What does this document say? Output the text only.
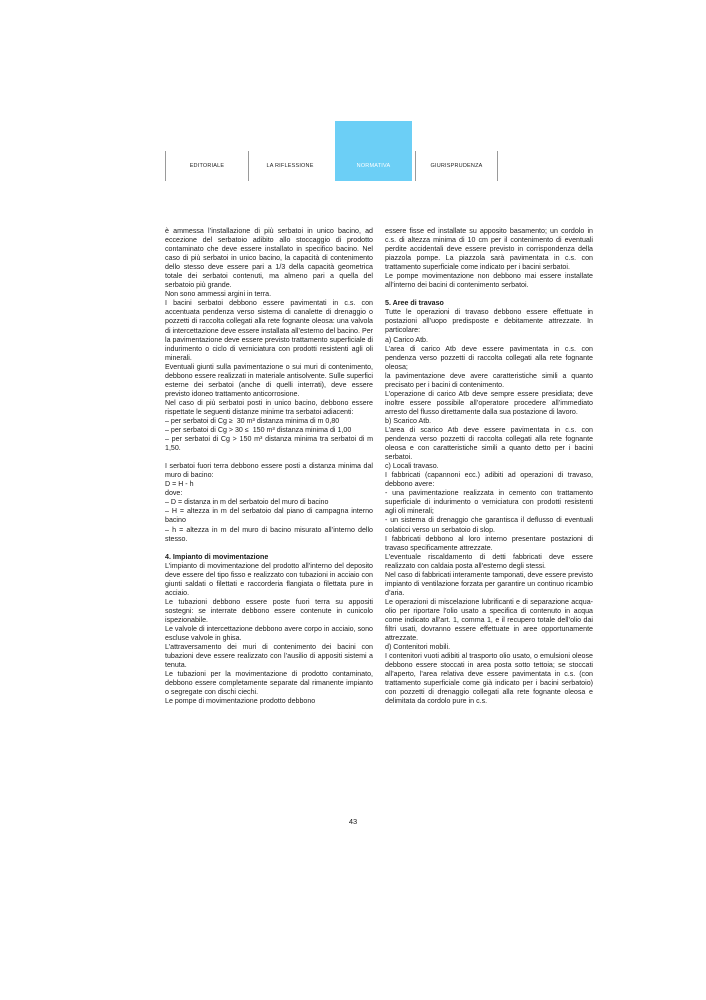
EDITORIALE	LA RIFLESSIONE	NORMATIVA	GIURISPRUDENZA

è ammessa l’installazione di più serbatoi in unico bacino, ad eccezione del serbatoio adibito allo stoccaggio di prodotto contaminato che deve essere installato in specifico bacino. Nel caso di più serbatoi in unico bacino, la capacità di contenimento dello stesso deve essere pari a 1/3 della capacità geometrica totale dei serbatoi contenuti, ma almeno pari a quella del serbatoio più grande.

Non sono ammessi argini in terra.

I bacini serbatoi debbono essere pavimentati in c.s. con accentuata pendenza verso sistema di canalette di drenaggio o pozzetti di raccolta collegati alla rete fognante oleosa: una valvola di intercettazione deve essere installata all’esterno del bacino. Per la pavimentazione deve essere previsto trattamento superficiale di indurimento o ciclo di verniciatura con prodotti resistenti agli oli minerali.

Eventuali giunti sulla pavimentazione o sui muri di contenimento, debbono essere realizzati in materiale antisolvente. Sulle superfici esterne dei serbatoi (anche di quelli interrati), deve essere previsto idoneo trattamento anticorrosione.

Nel caso di più serbatoi posti in unico bacino, debbono essere rispettate le seguenti distanze minime tra serbatoi adiacenti:

– per serbatoi di Cg ≥  30 m³ distanza minima di m 0,80

– per serbatoi di Cg > 30 ≤  150 m³ distanza minima di 1,00

– per serbatoi di Cg > 150 m³ distanza minima tra serbatoi di m 1,50.

I serbatoi fuori terra debbono essere posti a distanza minima dal muro di bacino:

D = H - h

dove:

– D = distanza in m del serbatoio del muro di bacino

– H = altezza in m del serbatoio dal piano di campagna interno bacino

– h = altezza in m del muro di bacino misurato all’interno dello stesso.

4. Impianto di movimentazione

L’impianto di movimentazione del prodotto all’interno del deposito deve essere del tipo fisso e realizzato con tubazioni in acciaio con giunti saldati o filettati e raccorderia flangiata o filettata pure in acciaio.

Le tubazioni debbono essere poste fuori terra su appositi sostegni: se interrate debbono essere contenute in cunicolo ispezionabile.

Le valvole di intercettazione debbono avere corpo in acciaio, sono escluse valvole in ghisa.

L’attraversamento dei muri di contenimento dei bacini con tubazioni deve essere realizzato con l’ausilio di appositi sistemi a tenuta.

Le tubazioni per la movimentazione di prodotto contaminato, debbono essere completamente separate dal rimanente impianto o segregate con dischi ciechi.

Le pompe di movimentazione prodotto debbono

essere fisse ed installate su apposito basamento; un cordolo in c.s. di altezza minima di 10 cm per il contenimento di eventuali perdite accidentali deve essere previsto in corrispondenza della piazzola pompe. La piazzola sarà pavimentata in c.s. con trattamento superficiale come indicato per i bacini serbatoi.

Le pompe movimentazione non debbono mai essere installate all’interno dei bacini di contenimento serbatoi.

5. Aree di travaso

Tutte le operazioni di travaso debbono essere effettuate in postazioni all’uopo predisposte e debitamente attrezzate. In particolare:

a) Carico Atb.

L’area di carico Atb deve essere pavimentata in c.s. con pendenza verso pozzetti di raccolta collegati alla rete fognante oleosa;

la pavimentazione deve avere caratteristiche simili a quanto precisato per i bacini di contenimento.

L’operazione di carico Atb deve sempre essere presidiata; deve inoltre essere possibile all’operatore procedere all’immediato arresto del flusso direttamente dalla sua postazione di lavoro.

b) Scarico Atb.

L’area di scarico Atb deve essere pavimentata in c.s. con pendenza verso pozzetti di raccolta collegati alla rete fognante oleosa e con caratteristiche simili a quanto detto per i bacini serbatoi.

c) Locali travaso.

I fabbricati (capannoni ecc.) adibiti ad operazioni di travaso, debbono avere:

- una pavimentazione realizzata in cemento con trattamento superficiale di indurimento o verniciatura con prodotti resistenti agli oli minerali;

- un sistema di drenaggio che garantisca il deflusso di eventuali colaticci verso un serbatoio di slop.

I fabbricati debbono al loro interno presentare postazioni di travaso specificamente attrezzate.

L’eventuale riscaldamento di detti fabbricati deve essere realizzato con caldaia posta all’esterno degli stessi.

Nel caso di fabbricati interamente tamponati, deve essere previsto impianto di ventilazione forzata per garantire un continuo ricambio d’aria.

Le operazioni di miscelazione lubrificanti e di separazione acqua-olio per riportare l’olio usato a specifica di contenuto in acqua come indicato all’art. 1, comma 1, e il recupero totale dell’olio dai filtri usati, dovranno essere effettuate in aree opportunamente attrezzate.

d) Contenitori mobili.

I contenitori vuoti adibiti al trasporto olio usato, o emulsioni oleose debbono essere stoccati in area posta sotto tettoia; se stoccati all’aperto, l’area relativa deve essere pavimentata in c.s. (con trattamento superficiale come già indicato per i bacini serbatoio) con pozzetti di drenaggio collegati alla rete fognante oleosa e delimitata da cordolo pure in c.s.

43
